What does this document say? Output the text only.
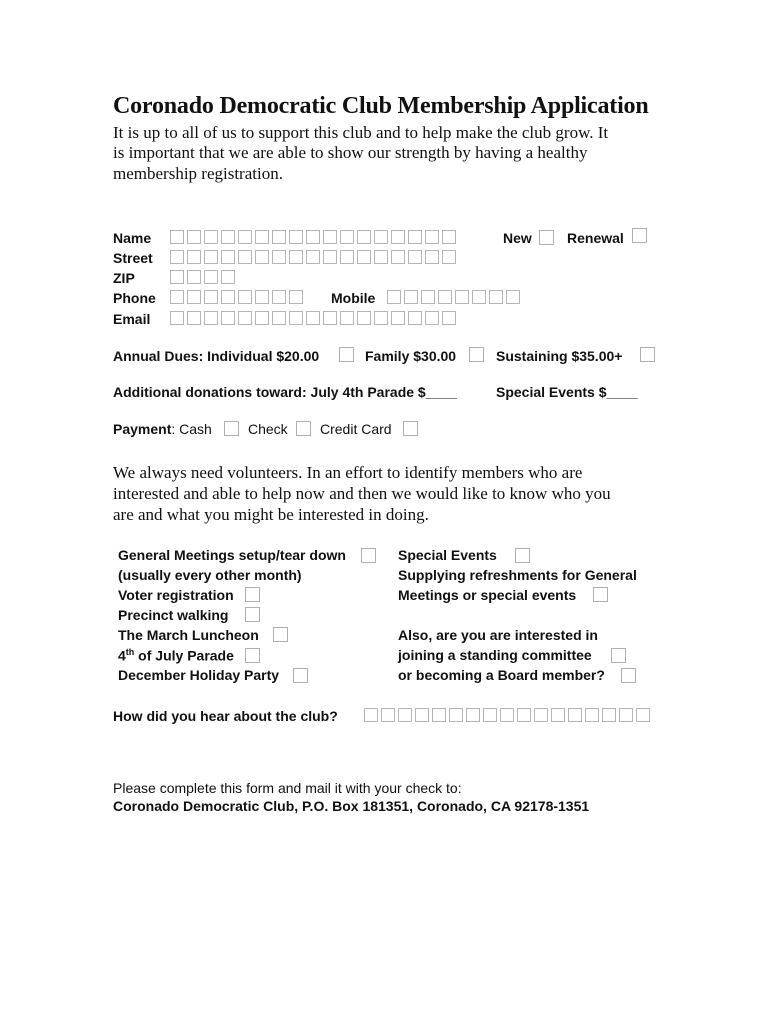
Coronado Democratic Club Membership Application
It is up to all of us to support this club and to help make the club grow. It
is important that we are able to show our strength by having a healthy
membership registration.
Name	New	Renewal
Street
ZIP
Phone	Mobile
Email
Annual Dues: Individual $20.00	Family $30.00	Sustaining $35.00+
Additional donations toward: July 4th Parade $____	Special Events $____
Payment: Cash	Check Credit Card
We always need volunteers. In an effort to identify members who are
interested and able to help now and then we would like to know who you
are and what you might be interested in doing.
General Meetings setup/tear down
(usually every other month)
Voter registration
Precinct walking
The March Luncheon
4th of July Parade
December Holiday Party
Special Events
Supplying refreshments for General
Meetings or special events
Also, are you are interested in
joining a standing committee
or becoming a Board member?
How did you hear about the club?
Please complete this form and mail it with your check to:
Coronado Democratic Club, P.O. Box 181351, Coronado, CA 92178-1351
